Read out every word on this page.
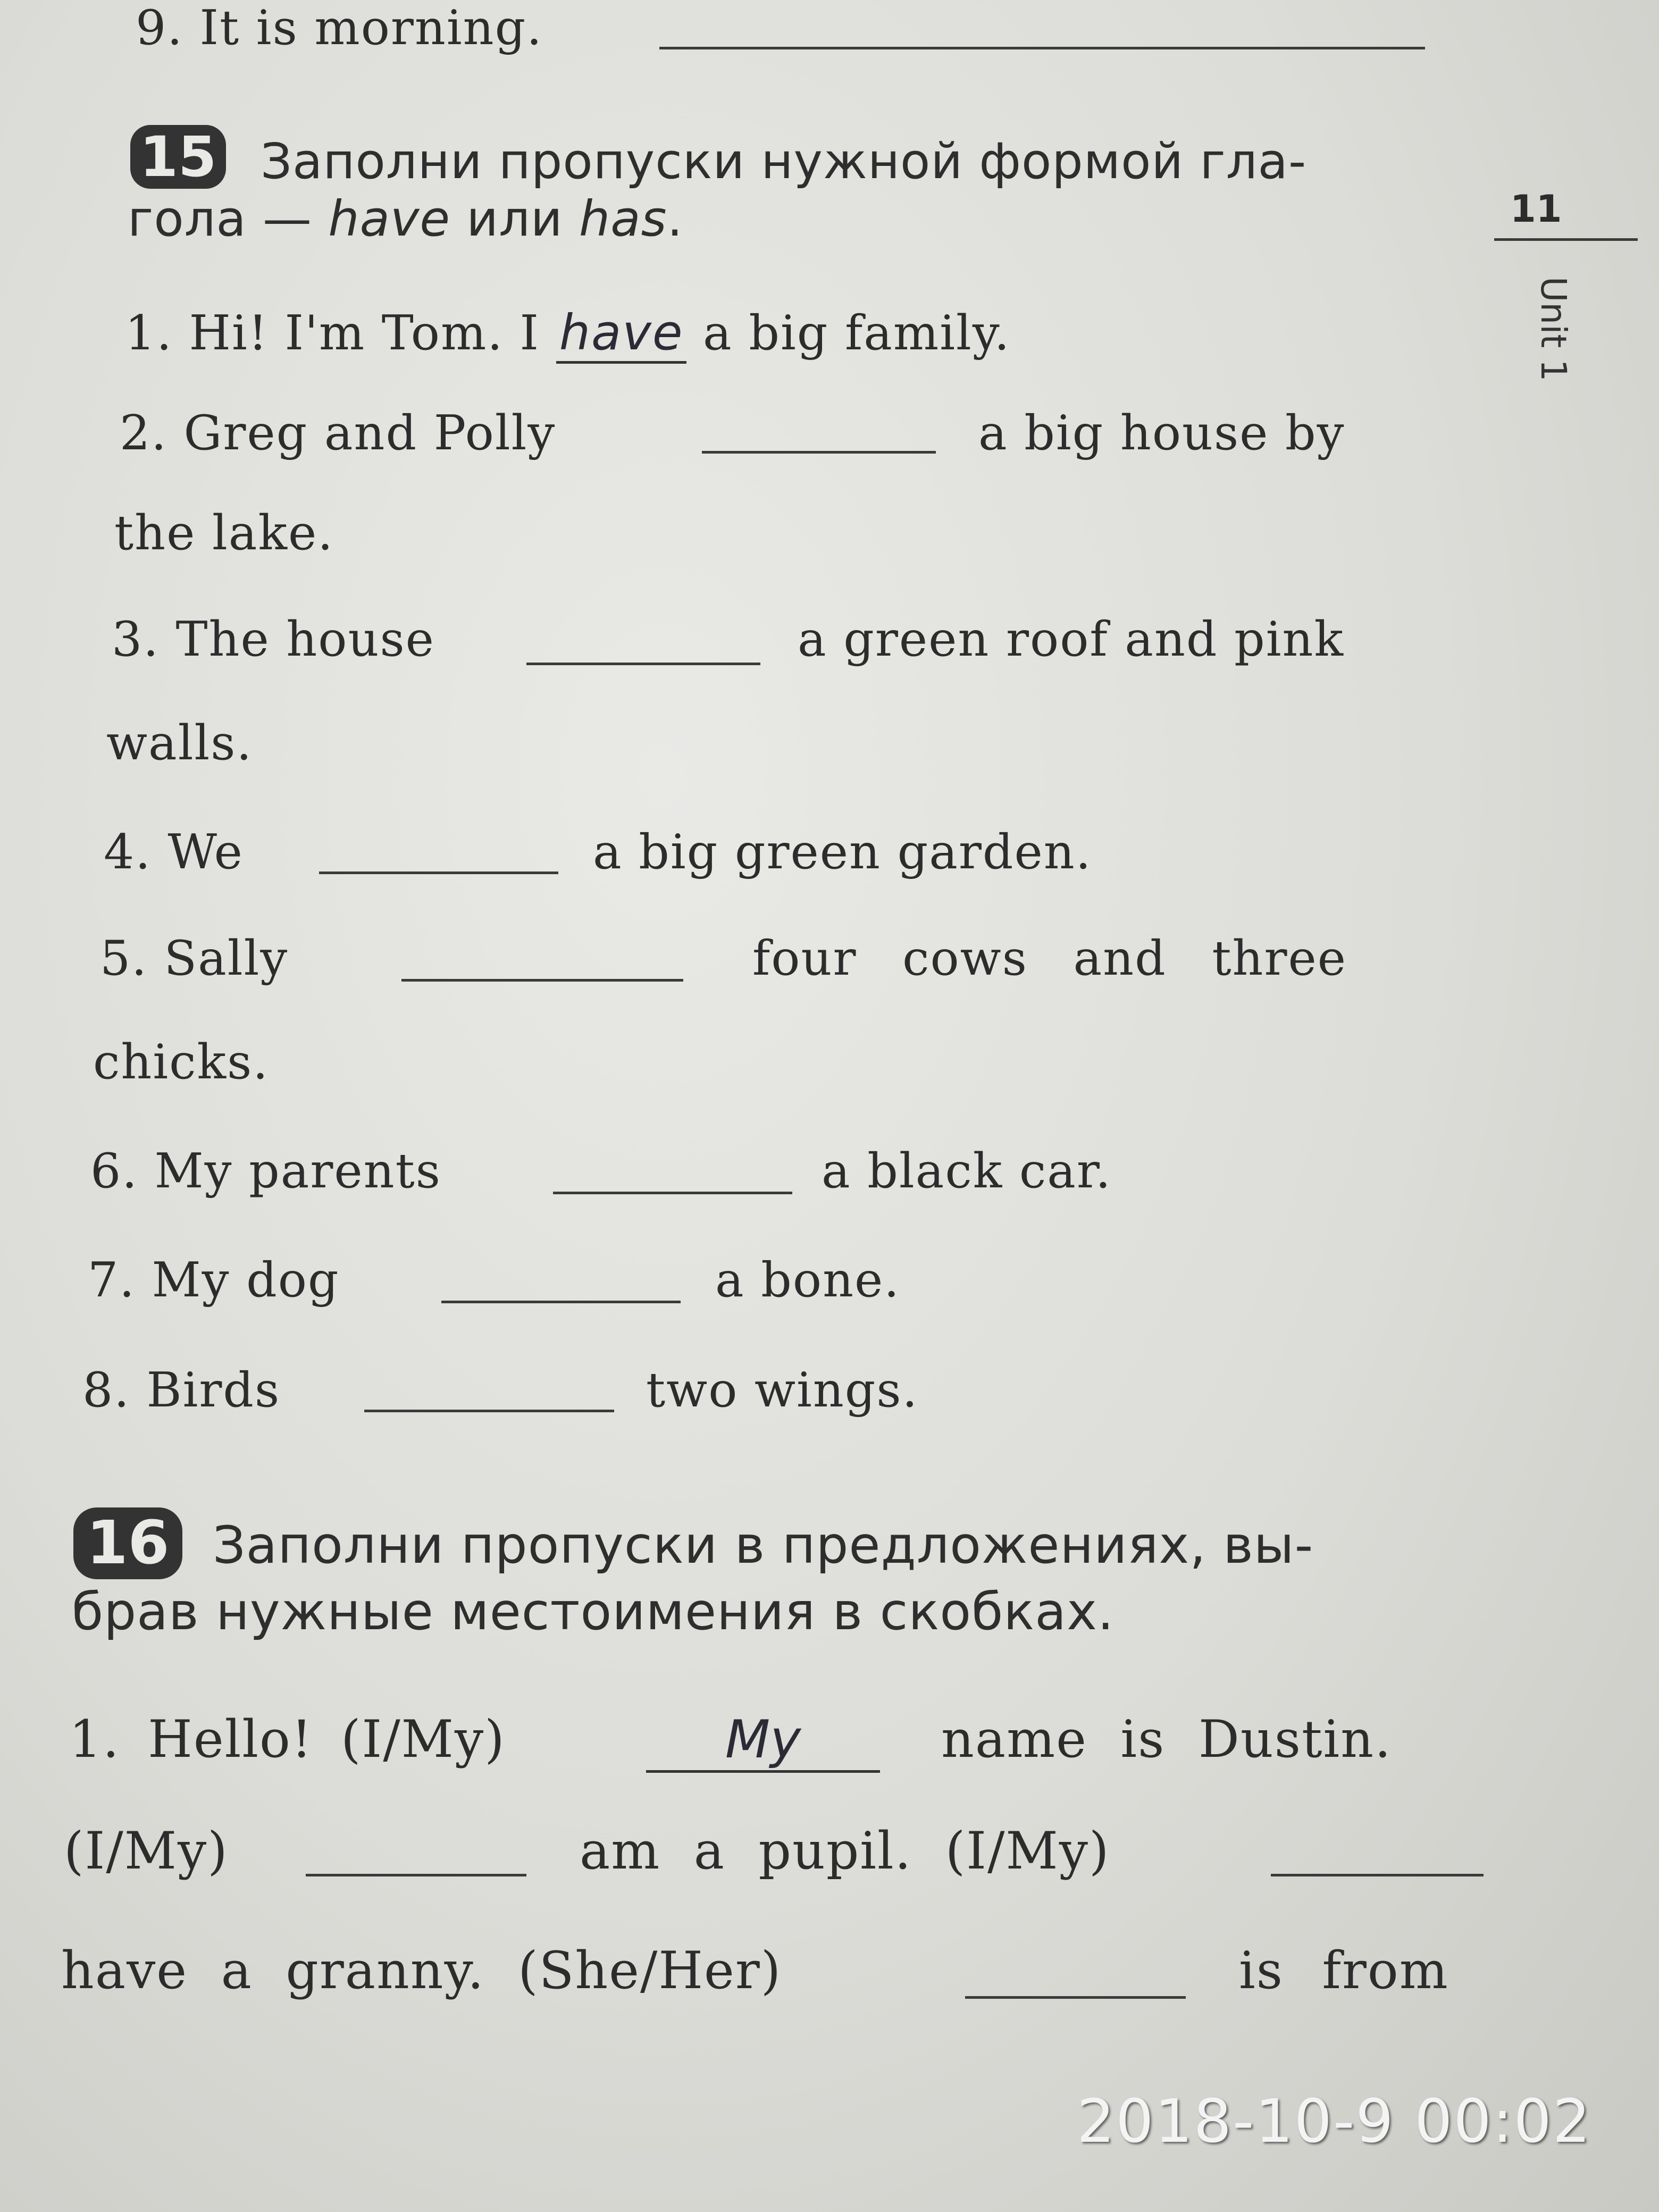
9. It is morning.
15 Заполни пропуски нужной формой гла-
гола — have или has.	11
Unit 1
1. Hi! I'm Tom. I have a big family.
2. Greg and Polly	a big house by
the lake.
3. The house	a green roof and pink
walls.
4. We	a big green garden.
5. Sally	four cows and three
chicks.
6. My parents	a black car.
7. My dog	a bone.
8. Birds	two wings.
16 Заполни пропуски в предложениях, вы-
брав нужные местоимения в скобках.
1. Hello! (I/My)	My	name is Dustin.
(I/My)	am a pupil. (I/My)
have a granny. (She/Her)	is from
2018-10-9 00:02
